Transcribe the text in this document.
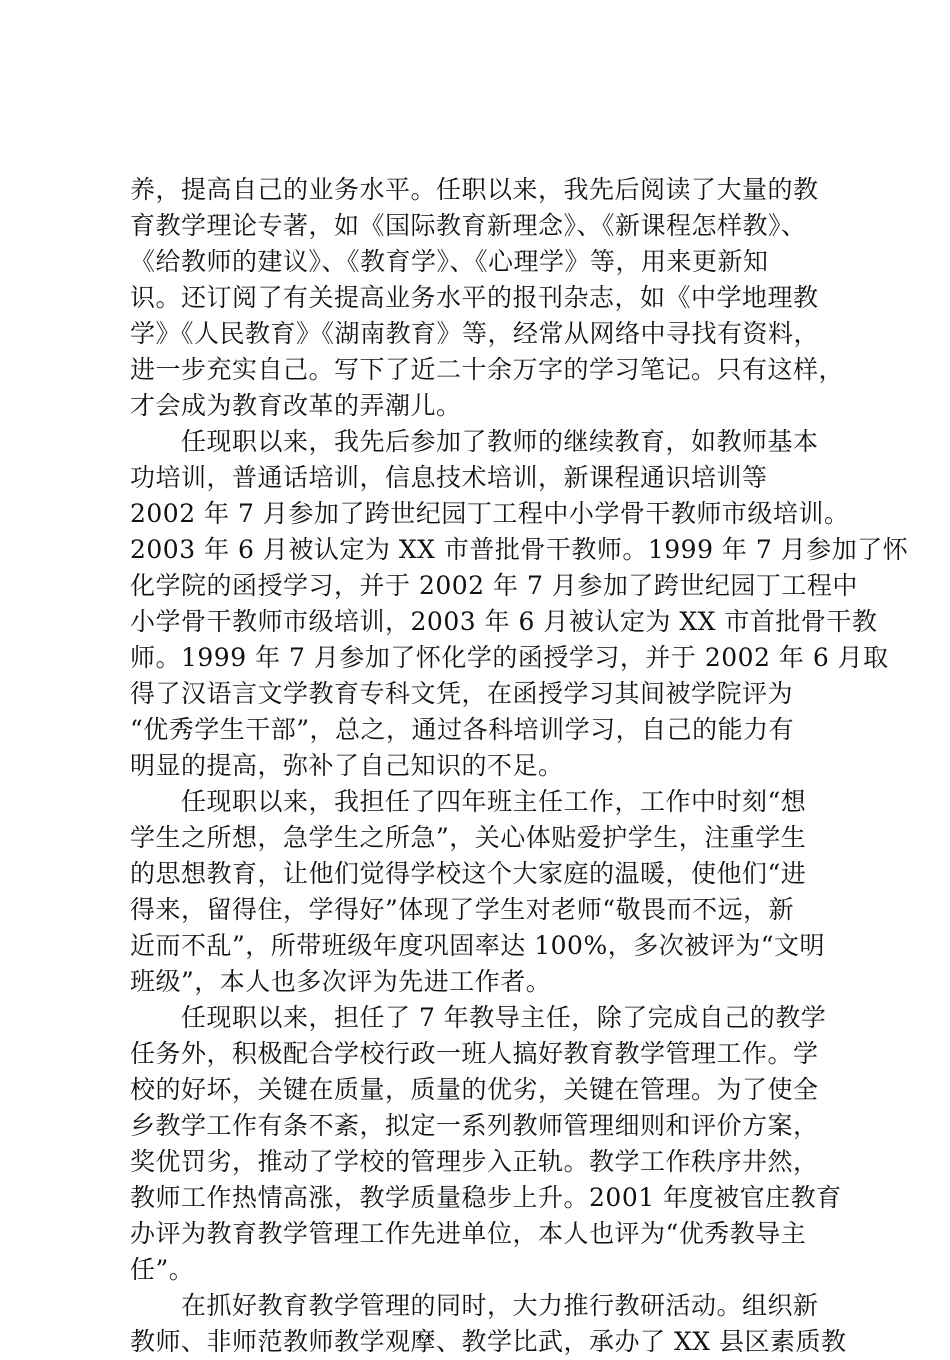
养，提高自己的业务水平。任职以来，我先后阅读了大量的教
育教学理论专著，如《国际教育新理念》、《新课程怎样教》、
《给教师的建议》、《教育学》、《心理学》等，用来更新知
识。还订阅了有关提高业务水平的报刊杂志，如《中学地理教
学》《人民教育》《湖南教育》等，经常从网络中寻找有资料，
进一步充实自己。写下了近二十余万字的学习笔记。只有这样，
才会成为教育改革的弄潮儿。
　　任现职以来，我先后参加了教师的继续教育，如教师基本
功培训，普通话培训，信息技术培训，新课程通识培训等
2002 年 7 月参加了跨世纪园丁工程中小学骨干教师市级培训。
2003 年 6 月被认定为 XX 市普批骨干教师。1999 年 7 月参加了怀
化学院的函授学习，并于 2002 年 7 月参加了跨世纪园丁工程中
小学骨干教师市级培训，2003 年 6 月被认定为 XX 市首批骨干教
师。1999 年 7 月参加了怀化学的函授学习，并于 2002 年 6 月取
得了汉语言文学教育专科文凭，在函授学习其间被学院评为
“优秀学生干部”，总之，通过各科培训学习，自己的能力有
明显的提高，弥补了自己知识的不足。
　　任现职以来，我担任了四年班主任工作，工作中时刻“想
学生之所想，急学生之所急”，关心体贴爱护学生，注重学生
的思想教育，让他们觉得学校这个大家庭的温暖，使他们“进
得来，留得住，学得好”体现了学生对老师“敬畏而不远，新
近而不乱”，所带班级年度巩固率达 100%，多次被评为“文明
班级”，本人也多次评为先进工作者。
　　任现职以来，担任了 7 年教导主任，除了完成自己的教学
任务外，积极配合学校行政一班人搞好教育教学管理工作。学
校的好坏，关键在质量，质量的优劣，关键在管理。为了使全
乡教学工作有条不紊，拟定一系列教师管理细则和评价方案，
奖优罚劣，推动了学校的管理步入正轨。教学工作秩序井然，
教师工作热情高涨，教学质量稳步上升。2001 年度被官庄教育
办评为教育教学管理工作先进单位，本人也评为“优秀教导主
任”。
　　在抓好教育教学管理的同时，大力推行教研活动。组织新
教师、非师范教师教学观摩、教学比武，承办了 XX 县区素质教
